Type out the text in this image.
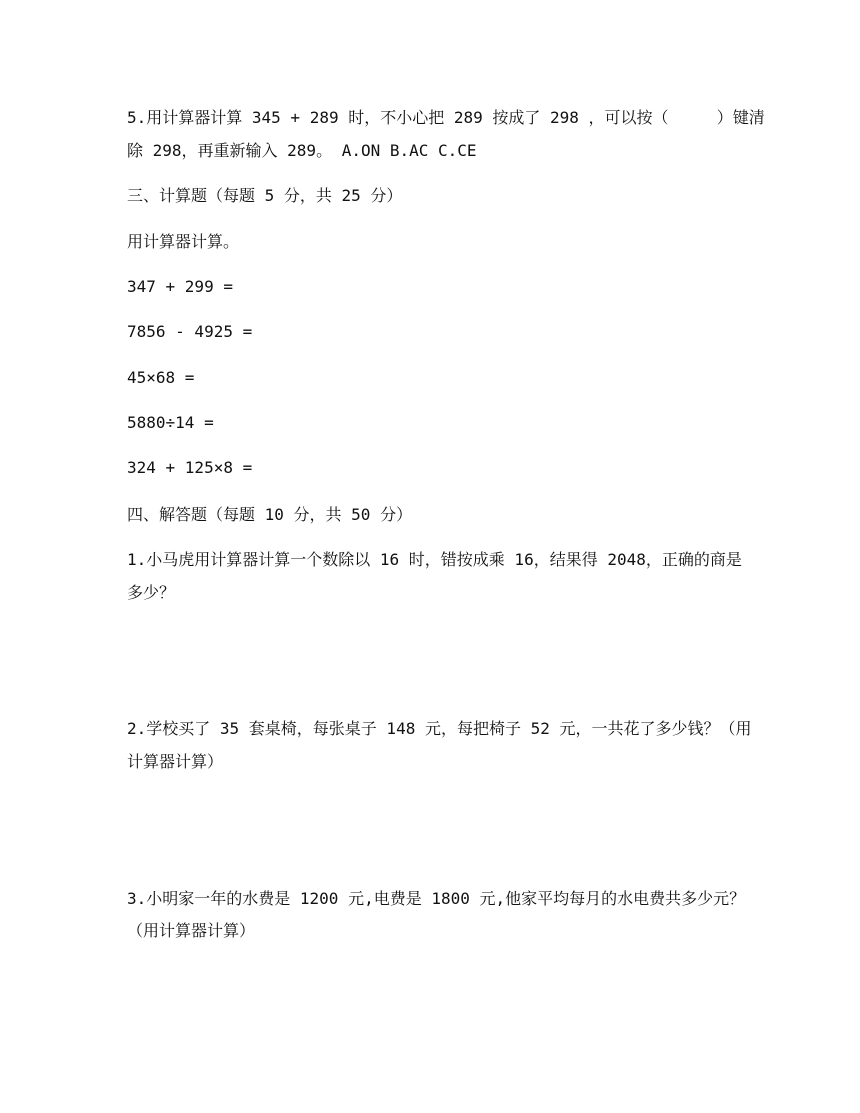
5.用计算器计算 345 + 289 时，不小心把 289 按成了 298 ，可以按（     ）键清
除 298，再重新输入 289。 A.ON B.AC C.CE
三、计算题（每题 5 分，共 25 分）
用计算器计算。
347 + 299 =
7856 - 4925 =
45×68 =
5880÷14 =
324 + 125×8 =
四、解答题（每题 10 分，共 50 分）
1.小马虎用计算器计算一个数除以 16 时，错按成乘 16，结果得 2048，正确的商是
多少？
2.学校买了 35 套桌椅，每张桌子 148 元，每把椅子 52 元，一共花了多少钱？（用
计算器计算）
3.小明家一年的水费是 1200 元,电费是 1800 元,他家平均每月的水电费共多少元？
（用计算器计算）
